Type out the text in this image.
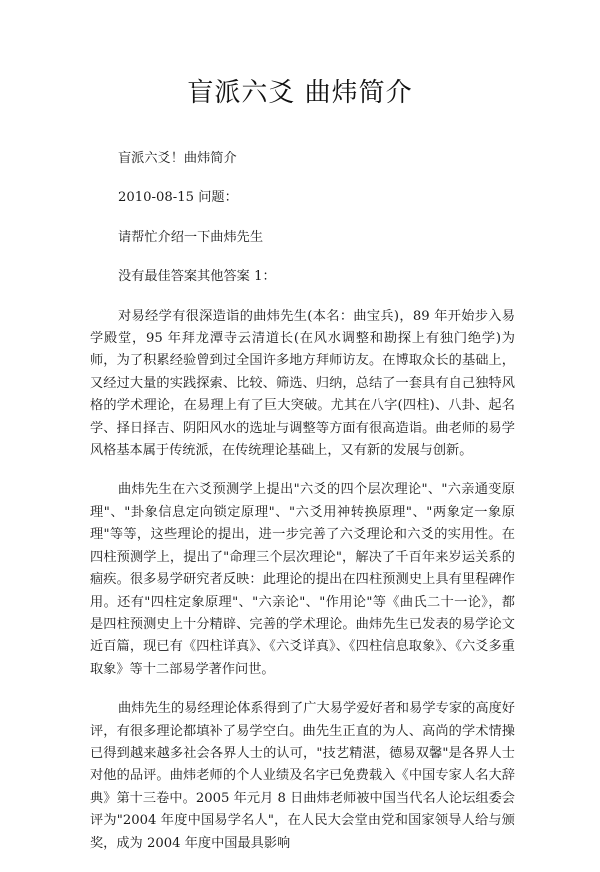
盲派六爻 曲炜简介

盲派六爻！曲炜简介

2010-08-15 问题：

请帮忙介绍一下曲炜先生

没有最佳答案其他答案 1：

对易经学有很深造诣的曲炜先生(本名：曲宝兵)，89 年开始步入易学殿堂，95 年拜龙潭寺云清道长(在风水调整和勘探上有独门绝学)为师，为了积累经验曾到过全国许多地方拜师访友。在博取众长的基础上，又经过大量的实践探索、比较、筛选、归纳，总结了一套具有自己独特风格的学术理论，在易理上有了巨大突破。尤其在八字(四柱)、八卦、起名学、择日择吉、阴阳风水的选址与调整等方面有很高造诣。曲老师的易学风格基本属于传统派，在传统理论基础上，又有新的发展与创新。

曲炜先生在六爻预测学上提出"六爻的四个层次理论"、"六亲通变原理"、"卦象信息定向锁定原理"、"六爻用神转换原理"、"两象定一象原理"等等，这些理论的提出，进一步完善了六爻理论和六爻的实用性。在四柱预测学上，提出了"命理三个层次理论"，解决了千百年来岁运关系的痼疾。很多易学研究者反映：此理论的提出在四柱预测史上具有里程碑作用。还有"四柱定象原理"、"六亲论"、"作用论"等《曲氏二十一论》，都是四柱预测史上十分精辟、完善的学术理论。曲炜先生已发表的易学论文近百篇，现已有《四柱详真》、《六爻详真》、《四柱信息取象》、《六爻多重取象》等十二部易学著作问世。

曲炜先生的易经理论体系得到了广大易学爱好者和易学专家的高度好评，有很多理论都填补了易学空白。曲先生正直的为人、高尚的学术情操已得到越来越多社会各界人士的认可，"技艺精湛，德易双馨"是各界人士对他的品评。曲炜老师的个人业绩及名字已免费载入《中国专家人名大辞典》第十三卷中。2005 年元月 8 日曲炜老师被中国当代名人论坛组委会评为"2004 年度中国易学名人"，在人民大会堂由党和国家领导人给与颁奖，成为 2004 年度中国最具影响
